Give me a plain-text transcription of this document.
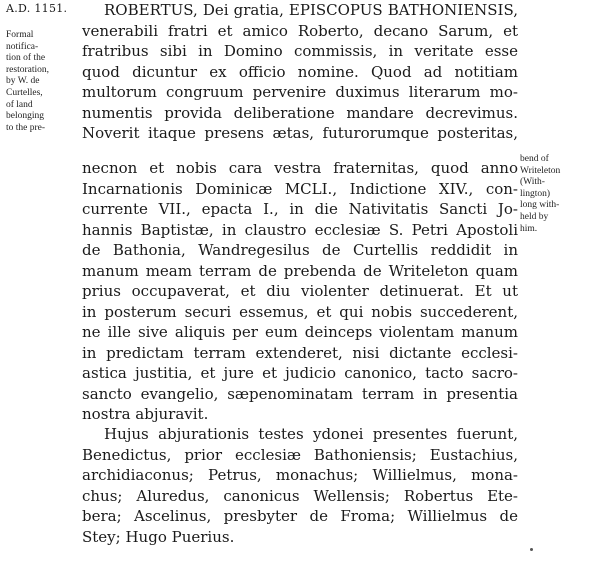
A.D. 1151.
Formal
notifica-
tion of the
restoration,
by W. de
Curtelles,
of land
belonging
to the pre-
bend of
Writeleton
(With-
lington)
long with-
held by
him.
ROBERTUS, Dei gratia, EPISCOPUS BATHONIENSIS,
venerabili fratri et amico Roberto, decano Sarum, et
fratribus sibi in Domino commissis, in veritate esse
quod dicuntur ex officio nomine. Quod ad notitiam
multorum congruum pervenire duximus literarum mo-
numentis provida deliberatione mandare decrevimus.
Noverit itaque presens ætas, futurorumque posteritas,
necnon et nobis cara vestra fraternitas, quod anno
Incarnationis Dominicæ MCLI., Indictione XIV., con-
currente VII., epacta I., in die Nativitatis Sancti Jo-
hannis Baptistæ, in claustro ecclesiæ S. Petri Apostoli
de Bathonia, Wandregesilus de Curtellis reddidit in
manum meam terram de prebenda de Writeleton quam
prius occupaverat, et diu violenter detinuerat. Et ut
in posterum securi essemus, et qui nobis succederent,
ne ille sive aliquis per eum deinceps violentam manum
in predictam terram extenderet, nisi dictante ecclesi-
astica justitia, et jure et judicio canonico, tacto sacro-
sancto evangelio, sæpenominatam terram in presentia
nostra abjuravit.
Hujus abjurationis testes ydonei presentes fuerunt,
Benedictus, prior ecclesiæ Bathoniensis; Eustachius,
archidiaconus; Petrus, monachus; Willielmus, mona-
chus; Aluredus, canonicus Wellensis; Robertus Ete-
bera; Ascelinus, presbyter de Froma; Willielmus de
Stey; Hugo Puerius.
